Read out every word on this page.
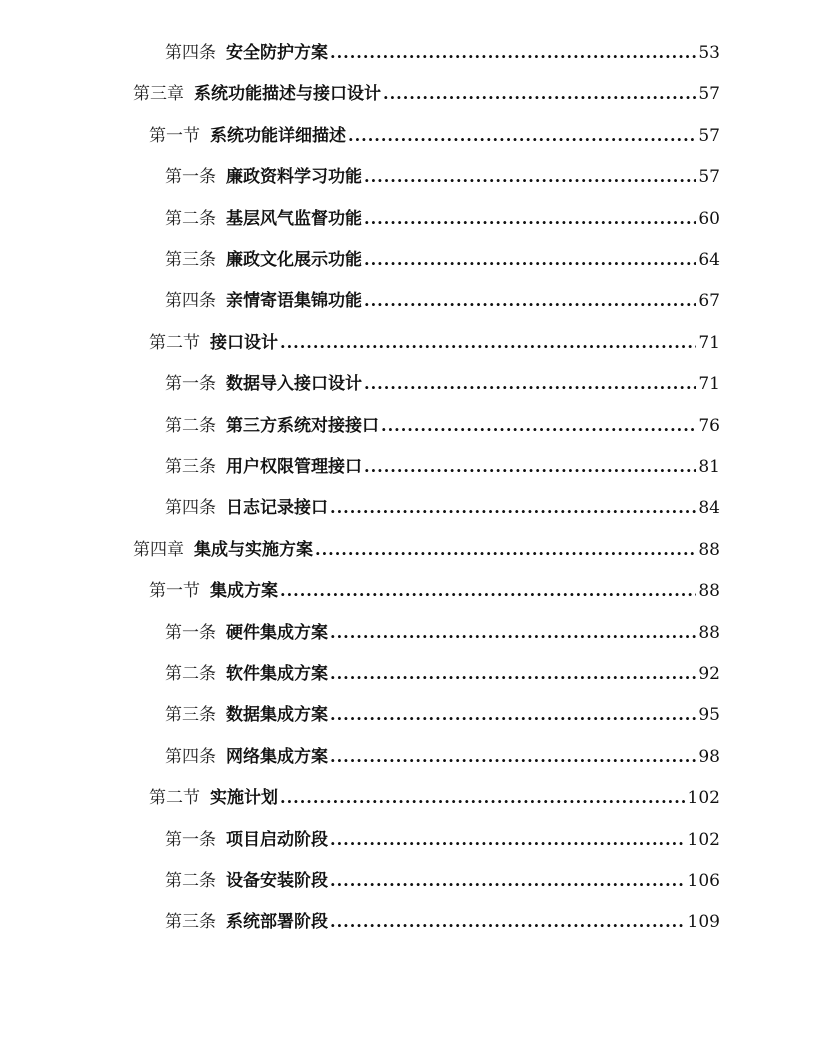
第四条 安全防护方案 .....	53
第三章 系统功能描述与接口设计 .....	57
第一节 系统功能详细描述 .....	57
第一条 廉政资料学习功能 .....	57
第二条 基层风气监督功能 .....	60
第三条 廉政文化展示功能 .....	64
第四条 亲情寄语集锦功能 .....	67
第二节 接口设计 .....	71
第一条 数据导入接口设计 .....	71
第二条 第三方系统对接接口 .....	76
第三条 用户权限管理接口 .....	81
第四条 日志记录接口 .....	84
第四章 集成与实施方案 .....	88
第一节 集成方案 .....	88
第一条 硬件集成方案 .....	88
第二条 软件集成方案 .....	92
第三条 数据集成方案 .....	95
第四条 网络集成方案 .....	98
第二节 实施计划 .....	102
第一条 项目启动阶段 .....	102
第二条 设备安装阶段 .....	106
第三条 系统部署阶段 .....	109
